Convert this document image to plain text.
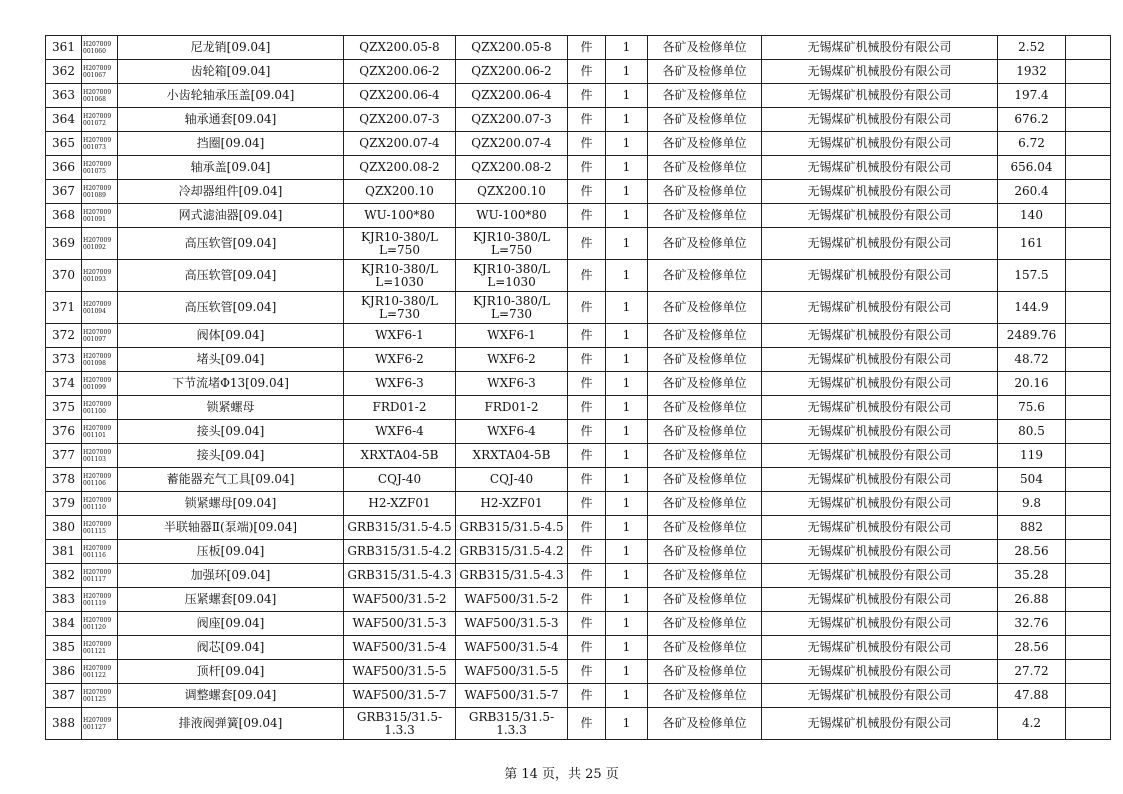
361	H207009 001060	尼龙销[09.04]	QZX200.05-8	QZX200.05-8	件	1	各矿及检修单位	无锡煤矿机械股份有限公司	2.52	
362	H207009 001067	齿轮箱[09.04]	QZX200.06-2	QZX200.06-2	件	1	各矿及检修单位	无锡煤矿机械股份有限公司	1932	
363	H207009 001068	小齿轮轴承压盖[09.04]	QZX200.06-4	QZX200.06-4	件	1	各矿及检修单位	无锡煤矿机械股份有限公司	197.4	
364	H207009 001072	轴承通套[09.04]	QZX200.07-3	QZX200.07-3	件	1	各矿及检修单位	无锡煤矿机械股份有限公司	676.2	
365	H207009 001073	挡圈[09.04]	QZX200.07-4	QZX200.07-4	件	1	各矿及检修单位	无锡煤矿机械股份有限公司	6.72	
366	H207009 001075	轴承盖[09.04]	QZX200.08-2	QZX200.08-2	件	1	各矿及检修单位	无锡煤矿机械股份有限公司	656.04	
367	H207009 001089	冷却器组件[09.04]	QZX200.10	QZX200.10	件	1	各矿及检修单位	无锡煤矿机械股份有限公司	260.4	
368	H207009 001091	网式滤油器[09.04]	WU-100*80	WU-100*80	件	1	各矿及检修单位	无锡煤矿机械股份有限公司	140	
369	H207009 001092	高压软管[09.04]	KJR10-380/L L=750	KJR10-380/L L=750	件	1	各矿及检修单位	无锡煤矿机械股份有限公司	161	
370	H207009 001093	高压软管[09.04]	KJR10-380/L L=1030	KJR10-380/L L=1030	件	1	各矿及检修单位	无锡煤矿机械股份有限公司	157.5	
371	H207009 001094	高压软管[09.04]	KJR10-380/L L=730	KJR10-380/L L=730	件	1	各矿及检修单位	无锡煤矿机械股份有限公司	144.9	
372	H207009 001097	阀体[09.04]	WXF6-1	WXF6-1	件	1	各矿及检修单位	无锡煤矿机械股份有限公司	2489.76	
373	H207009 001098	堵头[09.04]	WXF6-2	WXF6-2	件	1	各矿及检修单位	无锡煤矿机械股份有限公司	48.72	
374	H207009 001099	下节流堵Φ13[09.04]	WXF6-3	WXF6-3	件	1	各矿及检修单位	无锡煤矿机械股份有限公司	20.16	
375	H207009 001100	锁紧螺母	FRD01-2	FRD01-2	件	1	各矿及检修单位	无锡煤矿机械股份有限公司	75.6	
376	H207009 001101	接头[09.04]	WXF6-4	WXF6-4	件	1	各矿及检修单位	无锡煤矿机械股份有限公司	80.5	
377	H207009 001103	接头[09.04]	XRXTA04-5B	XRXTA04-5B	件	1	各矿及检修单位	无锡煤矿机械股份有限公司	119	
378	H207009 001106	蓄能器充气工具[09.04]	CQJ-40	CQJ-40	件	1	各矿及检修单位	无锡煤矿机械股份有限公司	504	
379	H207009 001110	锁紧螺母[09.04]	H2-XZF01	H2-XZF01	件	1	各矿及检修单位	无锡煤矿机械股份有限公司	9.8	
380	H207009 001115	半联轴器Ⅱ(泵端)[09.04]	GRB315/31.5-4.5	GRB315/31.5-4.5	件	1	各矿及检修单位	无锡煤矿机械股份有限公司	882	
381	H207009 001116	压板[09.04]	GRB315/31.5-4.2	GRB315/31.5-4.2	件	1	各矿及检修单位	无锡煤矿机械股份有限公司	28.56	
382	H207009 001117	加强环[09.04]	GRB315/31.5-4.3	GRB315/31.5-4.3	件	1	各矿及检修单位	无锡煤矿机械股份有限公司	35.28	
383	H207009 001119	压紧螺套[09.04]	WAF500/31.5-2	WAF500/31.5-2	件	1	各矿及检修单位	无锡煤矿机械股份有限公司	26.88	
384	H207009 001120	阀座[09.04]	WAF500/31.5-3	WAF500/31.5-3	件	1	各矿及检修单位	无锡煤矿机械股份有限公司	32.76	
385	H207009 001121	阀芯[09.04]	WAF500/31.5-4	WAF500/31.5-4	件	1	各矿及检修单位	无锡煤矿机械股份有限公司	28.56	
386	H207009 001122	顶杆[09.04]	WAF500/31.5-5	WAF500/31.5-5	件	1	各矿及检修单位	无锡煤矿机械股份有限公司	27.72	
387	H207009 001125	调整螺套[09.04]	WAF500/31.5-7	WAF500/31.5-7	件	1	各矿及检修单位	无锡煤矿机械股份有限公司	47.88	
388	H207009 001127	排液阀弹簧[09.04]	GRB315/31.5-1.3.3	GRB315/31.5-1.3.3	件	1	各矿及检修单位	无锡煤矿机械股份有限公司	4.2	
第 14 页，共 25 页
